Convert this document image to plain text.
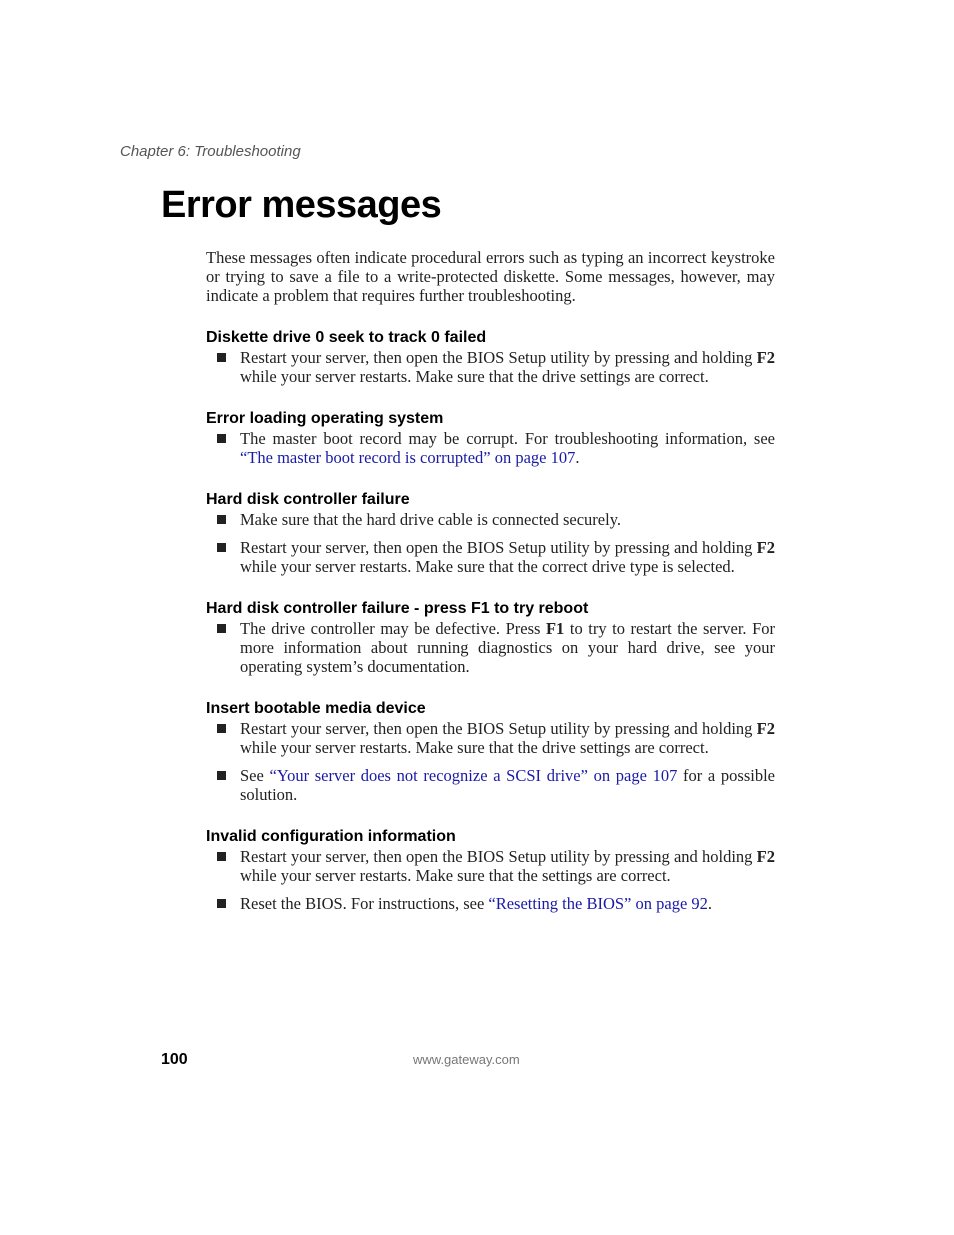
Chapter 6: Troubleshooting

Error messages

These messages often indicate procedural errors such as typing an incorrect keystroke or trying to save a file to a write-protected diskette. Some messages, however, may indicate a problem that requires further troubleshooting.

Diskette drive 0 seek to track 0 failed
Restart your server, then open the BIOS Setup utility by pressing and holding F2 while your server restarts. Make sure that the drive settings are correct.
Error loading operating system
The master boot record may be corrupt. For troubleshooting information, see “The master boot record is corrupted” on page 107.
Hard disk controller failure
Make sure that the hard drive cable is connected securely.
Restart your server, then open the BIOS Setup utility by pressing and holding F2 while your server restarts. Make sure that the correct drive type is selected.
Hard disk controller failure - press F1 to try reboot
The drive controller may be defective. Press F1 to try to restart the server. For more information about running diagnostics on your hard drive, see your operating system’s documentation.
Insert bootable media device
Restart your server, then open the BIOS Setup utility by pressing and holding F2 while your server restarts. Make sure that the drive settings are correct.
See “Your server does not recognize a SCSI drive” on page 107 for a possible solution.
Invalid configuration information
Restart your server, then open the BIOS Setup utility by pressing and holding F2 while your server restarts. Make sure that the settings are correct.
Reset the BIOS. For instructions, see “Resetting the BIOS” on page 92.

100	www.gateway.com
